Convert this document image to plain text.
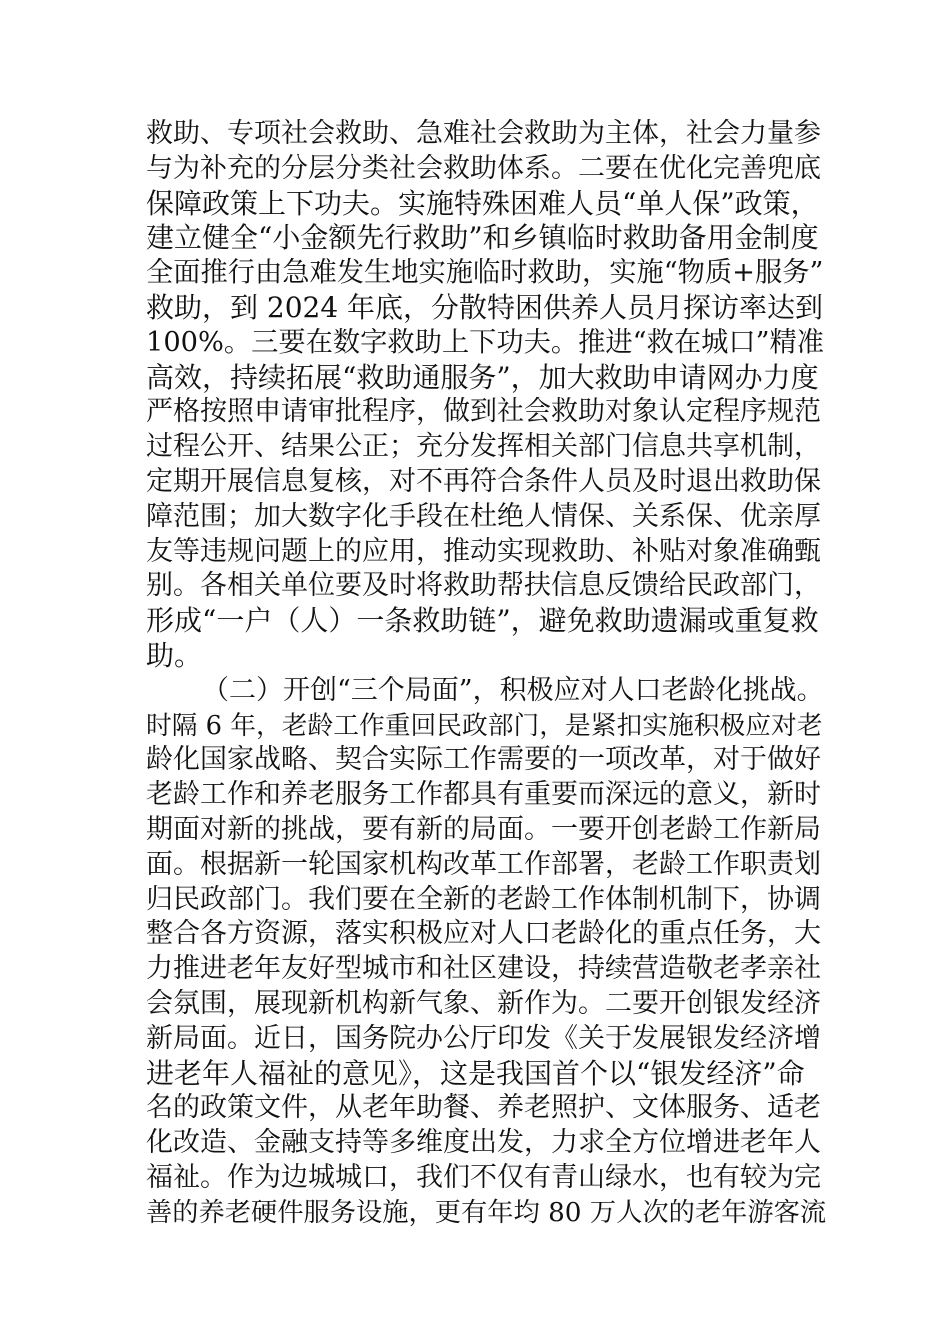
救助、专项社会救助、急难社会救助为主体，社会力量参
与为补充的分层分类社会救助体系。二要在优化完善兜底
保障政策上下功夫。实施特殊困难人员“单人保”政策，
建立健全“小金额先行救助”和乡镇临时救助备用金制度
全面推行由急难发生地实施临时救助，实施“物质+服务”
救助，到 2024 年底，分散特困供养人员月探访率达到
100%。三要在数字救助上下功夫。推进“救在城口”精准
高效，持续拓展“救助通服务”，加大救助申请网办力度
严格按照申请审批程序，做到社会救助对象认定程序规范
过程公开、结果公正；充分发挥相关部门信息共享机制，
定期开展信息复核，对不再符合条件人员及时退出救助保
障范围；加大数字化手段在杜绝人情保、关系保、优亲厚
友等违规问题上的应用，推动实现救助、补贴对象准确甄
别。各相关单位要及时将救助帮扶信息反馈给民政部门，
形成“一户（人）一条救助链”，避免救助遗漏或重复救
助。
（二）开创“三个局面”，积极应对人口老龄化挑战。
时隔 6 年，老龄工作重回民政部门，是紧扣实施积极应对老
龄化国家战略、契合实际工作需要的一项改革，对于做好
老龄工作和养老服务工作都具有重要而深远的意义，新时
期面对新的挑战，要有新的局面。一要开创老龄工作新局
面。根据新一轮国家机构改革工作部署，老龄工作职责划
归民政部门。我们要在全新的老龄工作体制机制下，协调
整合各方资源，落实积极应对人口老龄化的重点任务，大
力推进老年友好型城市和社区建设，持续营造敬老孝亲社
会氛围，展现新机构新气象、新作为。二要开创银发经济
新局面。近日，国务院办公厅印发《关于发展银发经济增
进老年人福祉的意见》，这是我国首个以“银发经济”命
名的政策文件，从老年助餐、养老照护、文体服务、适老
化改造、金融支持等多维度出发，力求全方位增进老年人
福祉。作为边城城口，我们不仅有青山绿水，也有较为完
善的养老硬件服务设施，更有年均 80 万人次的老年游客流
